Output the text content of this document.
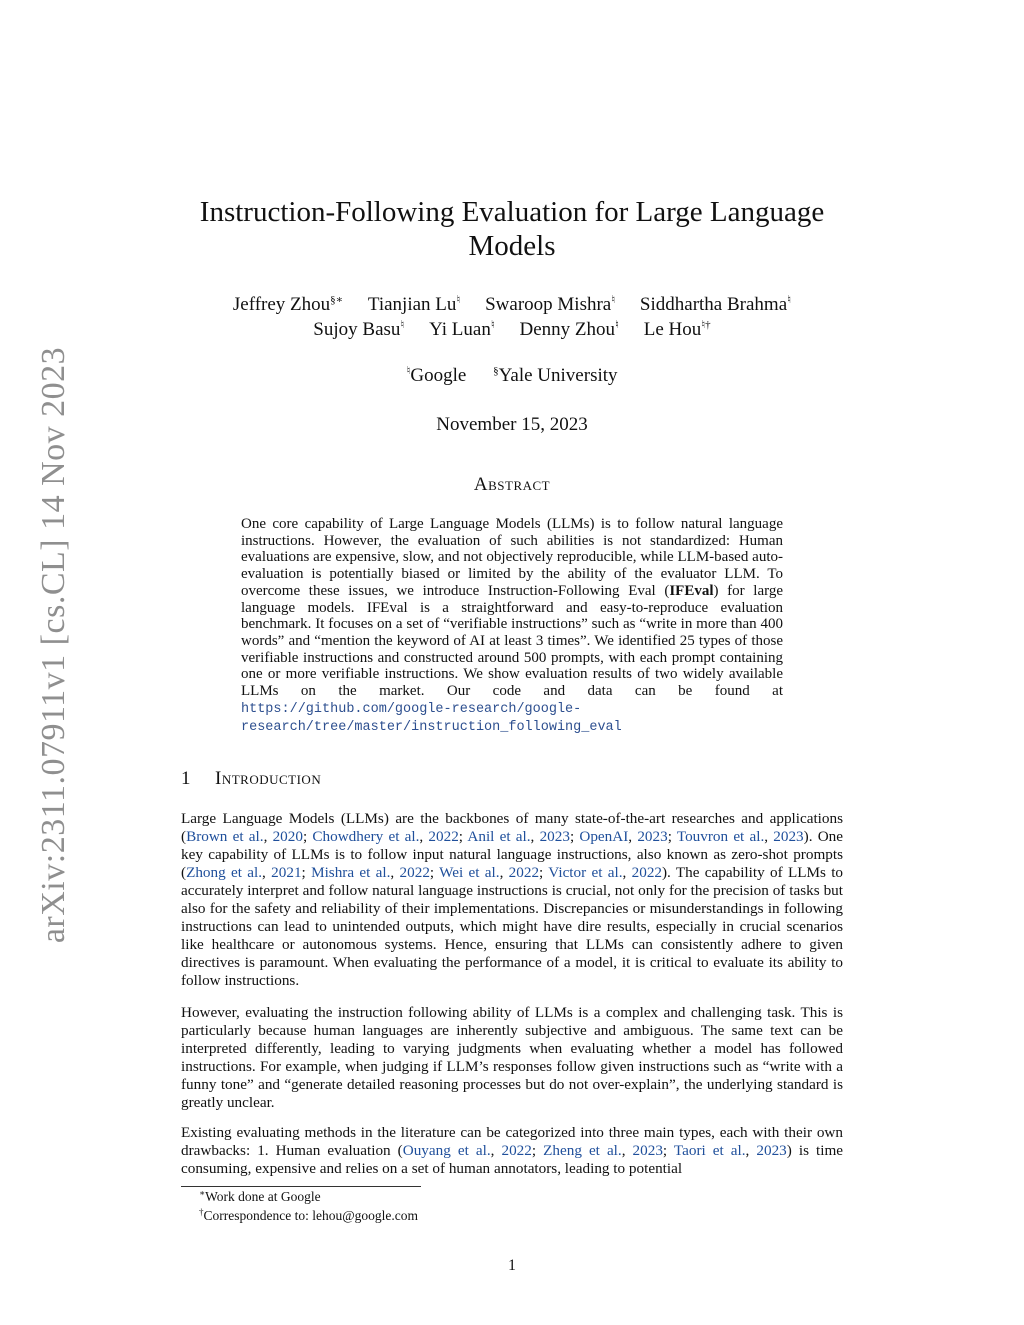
arXiv:2311.07911v1 [cs.CL] 14 Nov 2023
Instruction-Following Evaluation for Large Language Models
Jeffrey Zhou§∗ Tianjian Lu♮ Swaroop Mishra♮ Siddhartha Brahma♮
Sujoy Basu♮ Yi Luan♮ Denny Zhou♮ Le Hou♮†
♮Google §Yale University
November 15, 2023
Abstract

One core capability of Large Language Models (LLMs) is to follow natural language instructions. However, the evaluation of such abilities is not standardized: Human evaluations are expensive, slow, and not objectively reproducible, while LLM-based auto-evaluation is potentially biased or limited by the ability of the evaluator LLM. To overcome these issues, we introduce Instruction-Following Eval (IFEval) for large language models. IFEval is a straightforward and easy-to-reproduce evaluation benchmark. It focuses on a set of “verifiable instructions” such as “write in more than 400 words” and “mention the keyword of AI at least 3 times”. We identified 25 types of those verifiable instructions and constructed around 500 prompts, with each prompt containing one or more verifiable instructions. We show evaluation results of two widely available LLMs on the market. Our code and data can be found at https://github.com/google-research/google-research/tree/master/instruction_following_eval

1 Introduction

Large Language Models (LLMs) are the backbones of many state-of-the-art researches and applications (Brown et al., 2020; Chowdhery et al., 2022; Anil et al., 2023; OpenAI, 2023; Touvron et al., 2023). One key capability of LLMs is to follow input natural language instructions, also known as zero-shot prompts (Zhong et al., 2021; Mishra et al., 2022; Wei et al., 2022; Victor et al., 2022). The capability of LLMs to accurately interpret and follow natural language instructions is crucial, not only for the precision of tasks but also for the safety and reliability of their implementations. Discrepancies or misunderstandings in following instructions can lead to unintended outputs, which might have dire results, especially in crucial scenarios like healthcare or autonomous systems. Hence, ensuring that LLMs can consistently adhere to given directives is paramount. When evaluating the performance of a model, it is critical to evaluate its ability to follow instructions.

However, evaluating the instruction following ability of LLMs is a complex and challenging task. This is particularly because human languages are inherently subjective and ambiguous. The same text can be interpreted differently, leading to varying judgments when evaluating whether a model has followed instructions. For example, when judging if LLM’s responses follow given instructions such as “write with a funny tone” and “generate detailed reasoning processes but do not over-explain”, the underlying standard is greatly unclear.

Existing evaluating methods in the literature can be categorized into three main types, each with their own drawbacks: 1. Human evaluation (Ouyang et al., 2022; Zheng et al., 2023; Taori et al., 2023) is time consuming, expensive and relies on a set of human annotators, leading to potential

∗Work done at Google
†Correspondence to: lehou@google.com
1
